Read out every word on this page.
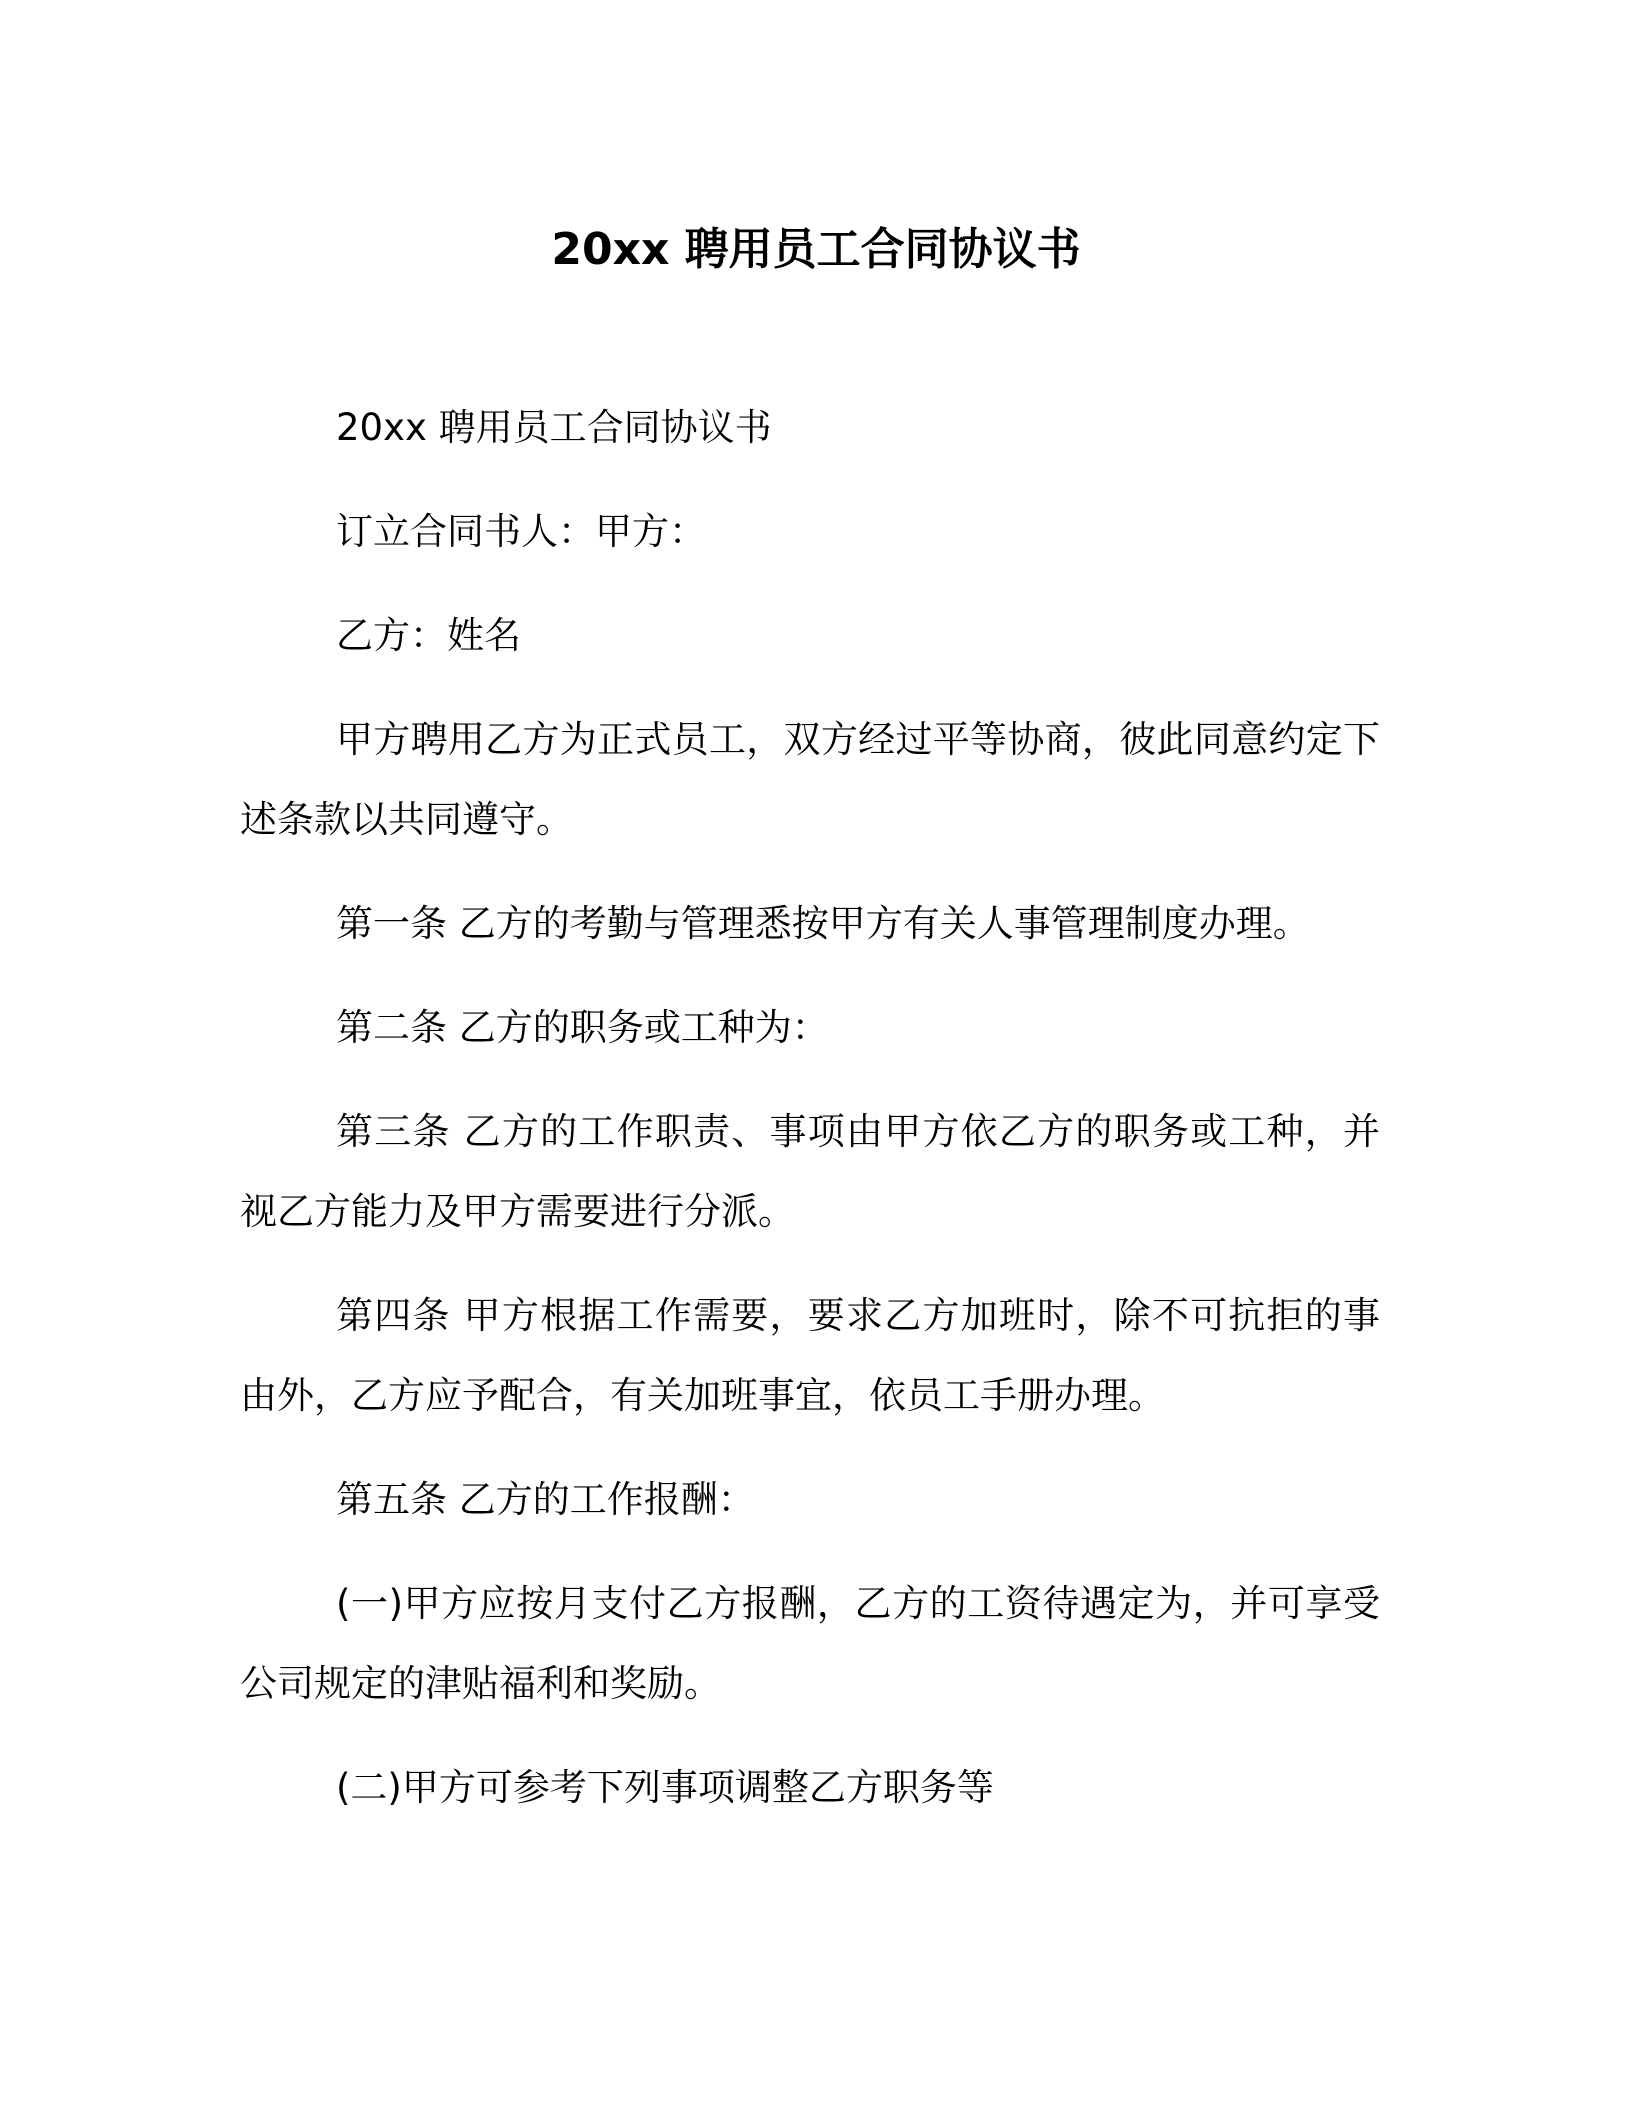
20xx 聘用员工合同协议书

20xx 聘用员工合同协议书

订立合同书人：甲方：

乙方：姓名

甲方聘用乙方为正式员工，双方经过平等协商，彼此同意约定下述条款以共同遵守。

第一条 乙方的考勤与管理悉按甲方有关人事管理制度办理。

第二条 乙方的职务或工种为：

第三条 乙方的工作职责、事项由甲方依乙方的职务或工种，并视乙方能力及甲方需要进行分派。

第四条 甲方根据工作需要，要求乙方加班时，除不可抗拒的事由外，乙方应予配合，有关加班事宜，依员工手册办理。

第五条 乙方的工作报酬：

(一)甲方应按月支付乙方报酬，乙方的工资待遇定为，并可享受公司规定的津贴福利和奖励。

(二)甲方可参考下列事项调整乙方职务等
